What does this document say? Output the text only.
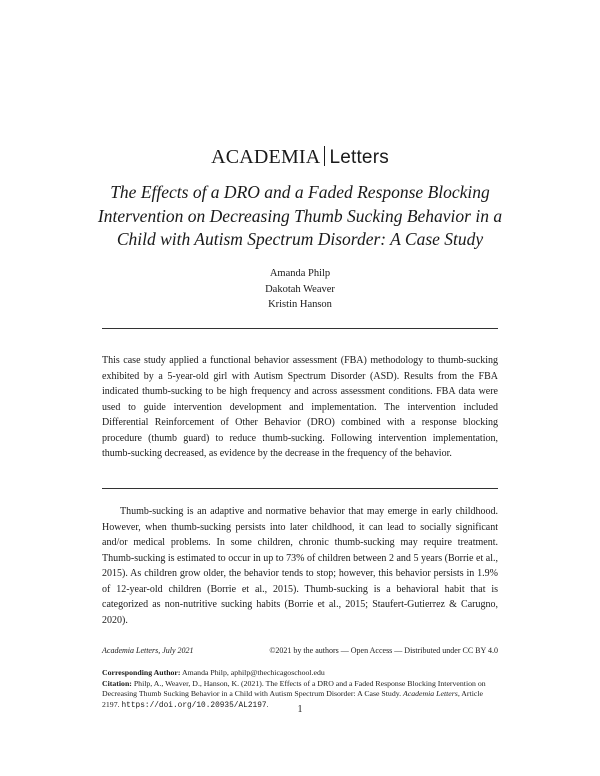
ACADEMIA Letters
The Effects of a DRO and a Faded Response Blocking Intervention on Decreasing Thumb Sucking Behavior in a Child with Autism Spectrum Disorder: A Case Study
Amanda Philp
Dakotah Weaver
Kristin Hanson
This case study applied a functional behavior assessment (FBA) methodology to thumb-sucking exhibited by a 5-year-old girl with Autism Spectrum Disorder (ASD). Results from the FBA indicated thumb-sucking to be high frequency and across assessment conditions. FBA data were used to guide intervention development and implementation. The intervention included Differential Reinforcement of Other Behavior (DRO) combined with a response blocking procedure (thumb guard) to reduce thumb-sucking. Following intervention implementation, thumb-sucking decreased, as evidence by the decrease in the frequency of the behavior.
Thumb-sucking is an adaptive and normative behavior that may emerge in early childhood. However, when thumb-sucking persists into later childhood, it can lead to socially significant and/or medical problems. In some children, chronic thumb-sucking may require treatment. Thumb-sucking is estimated to occur in up to 73% of children between 2 and 5 years (Borrie et al., 2015). As children grow older, the behavior tends to stop; however, this behavior persists in 1.9% of 12-year-old children (Borrie et al., 2015). Thumb-sucking is a behavioral habit that is categorized as non-nutritive sucking habits (Borrie et al., 2015; Staufert-Gutierrez & Carugno, 2020).
Academia Letters, July 2021	©2021 by the authors — Open Access — Distributed under CC BY 4.0
Corresponding Author: Amanda Philp, aphilp@thechicagoschool.edu
Citation: Philp, A., Weaver, D., Hanson, K. (2021). The Effects of a DRO and a Faded Response Blocking Intervention on Decreasing Thumb Sucking Behavior in a Child with Autism Spectrum Disorder: A Case Study. Academia Letters, Article 2197. https://doi.org/10.20935/AL2197.	1
